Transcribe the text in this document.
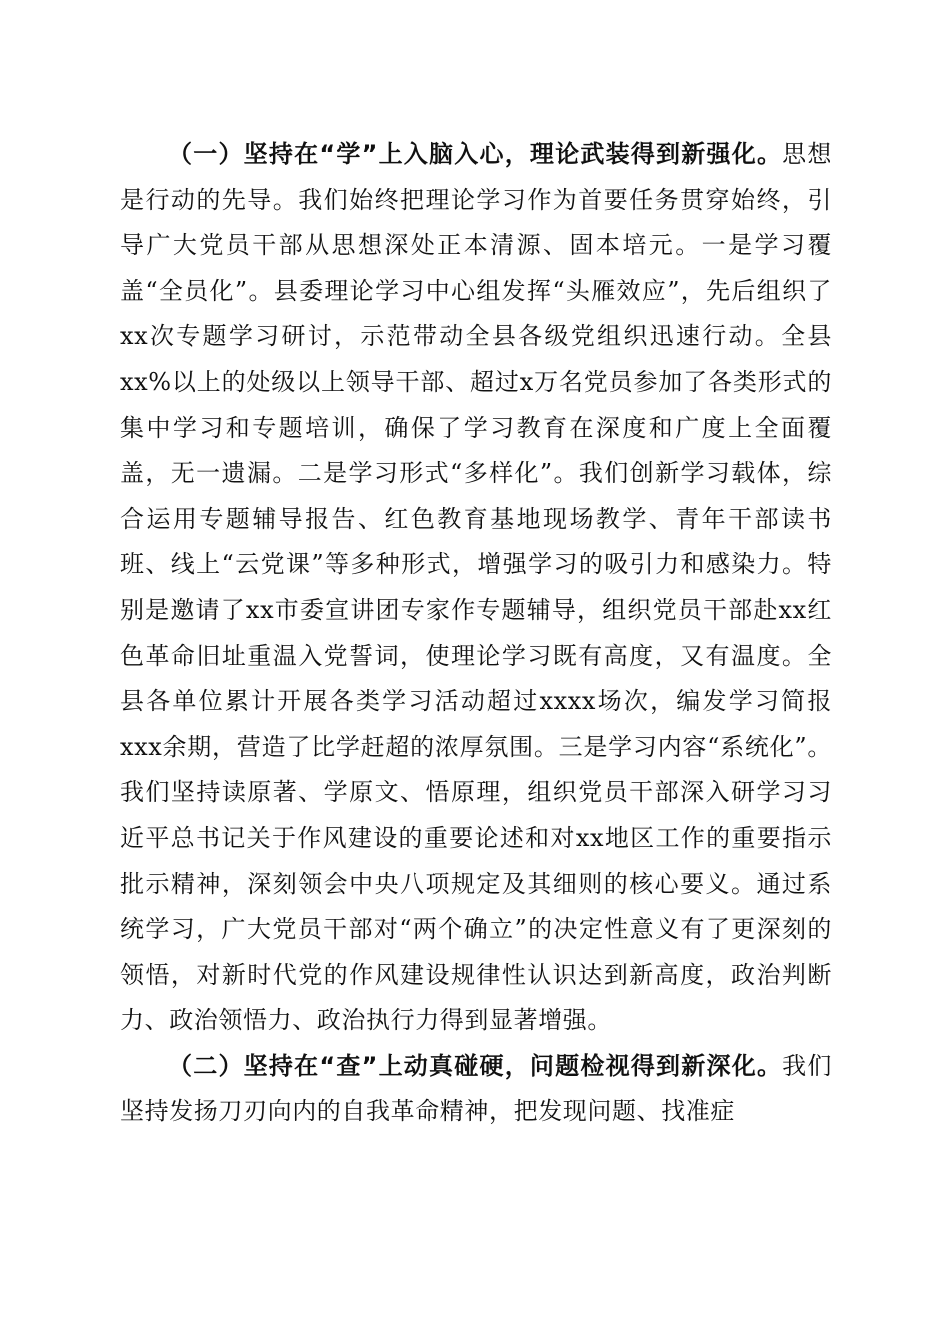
（一）坚持在“学”上入脑入心，理论武装得到新强化。思想是行动的先导。我们始终把理论学习作为首要任务贯穿始终，引导广大党员干部从思想深处正本清源、固本培元。一是学习覆盖“全员化”。县委理论学习中心组发挥“头雁效应”，先后组织了xx次专题学习研讨，示范带动全县各级党组织迅速行动。全县xx%以上的处级以上领导干部、超过x万名党员参加了各类形式的集中学习和专题培训，确保了学习教育在深度和广度上全面覆盖，无一遗漏。二是学习形式“多样化”。我们创新学习载体，综合运用专题辅导报告、红色教育基地现场教学、青年干部读书班、线上“云党课”等多种形式，增强学习的吸引力和感染力。特别是邀请了xx市委宣讲团专家作专题辅导，组织党员干部赴xx红色革命旧址重温入党誓词，使理论学习既有高度，又有温度。全县各单位累计开展各类学习活动超过xxxx场次，编发学习简报xxx余期，营造了比学赶超的浓厚氛围。三是学习内容“系统化”。我们坚持读原著、学原文、悟原理，组织党员干部深入研学习习近平总书记关于作风建设的重要论述和对xx地区工作的重要指示批示精神，深刻领会中央八项规定及其细则的核心要义。通过系统学习，广大党员干部对“两个确立”的决定性意义有了更深刻的领悟，对新时代党的作风建设规律性认识达到新高度，政治判断力、政治领悟力、政治执行力得到显著增强。

（二）坚持在“查”上动真碰硬，问题检视得到新深化。我们坚持发扬刀刃向内的自我革命精神，把发现问题、找准症
